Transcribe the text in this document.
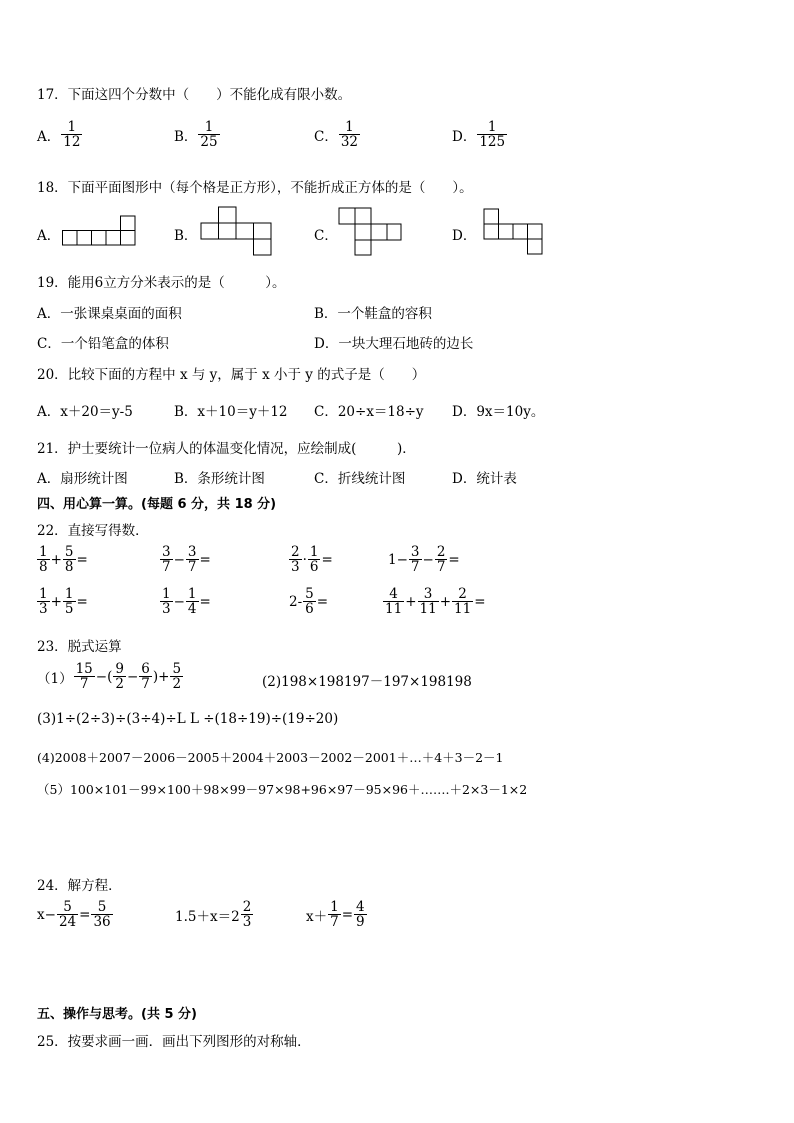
17．下面这四个分数中（　　）不能化成有限小数。
A． $\frac{1}{12}$	B． $\frac{1}{25}$	C． $\frac{1}{32}$	D． $\frac{1}{125}$
18．下面平面图形中（每个格是正方形），不能折成正方体的是（　　）。
A．	B．	C．	D．
19．能用6立方分米表示的是（　　　）。
A．一张课桌桌面的面积	B．一个鞋盒的容积
C．一个铅笔盒的体积	D．一块大理石地砖的边长
20．比较下面的方程中 x 与 y，属于 x 小于 y 的式子是（　　）
A．x＋20＝y-5	B．x＋10＝y＋12 C．20÷x＝18÷y D．9x＝10y。
21．护士要统计一位病人的体温变化情况，应绘制成(　　　)．
A．扇形统计图	B．条形统计图	C．折线统计图	D．统计表
四、用心算一算。(每题 6 分，共 18 分)
22．直接写得数．
$\frac{1}{8} + \frac{5}{8}$ =	$\frac{3}{7} - \frac{3}{7}$ =	$\frac{2}{3} \cdot \frac{1}{6}$ =	$1- \frac{3}{7} - \frac{2}{7}$ =
$\frac{1}{3} + \frac{1}{5}$ =	$\frac{1}{3} - \frac{1}{4}$ =	$2- \frac{5}{6}$ =	$\frac{4}{11} + \frac{3}{11} + \frac{2}{11}$ =
23．脱式运算
$(1) \frac{15}{7}$ −( $\frac{9}{2} - \frac{6}{7}$ )+ $\frac{5}{2}$	(2)198×198197－197×198198
(3)1÷(2÷3)÷(3÷4)÷L L ÷(18÷19)÷(19÷20)
(4)2008＋2007－2006－2005＋2004＋2003－2002－2001＋…＋4＋3－2－1
（5）100×101－99×100＋98×99－97×98+96×97－95×96＋…….＋2×3－1×2
24．解方程．
$x- \frac{5}{24} = \frac{5}{36}$	$1.5+x=2 \frac{2}{3}$	$x+ \frac{1}{7} = \frac{4}{9}$
五、操作与思考。(共 5 分)
25．按要求画一画．画出下列图形的对称轴．
